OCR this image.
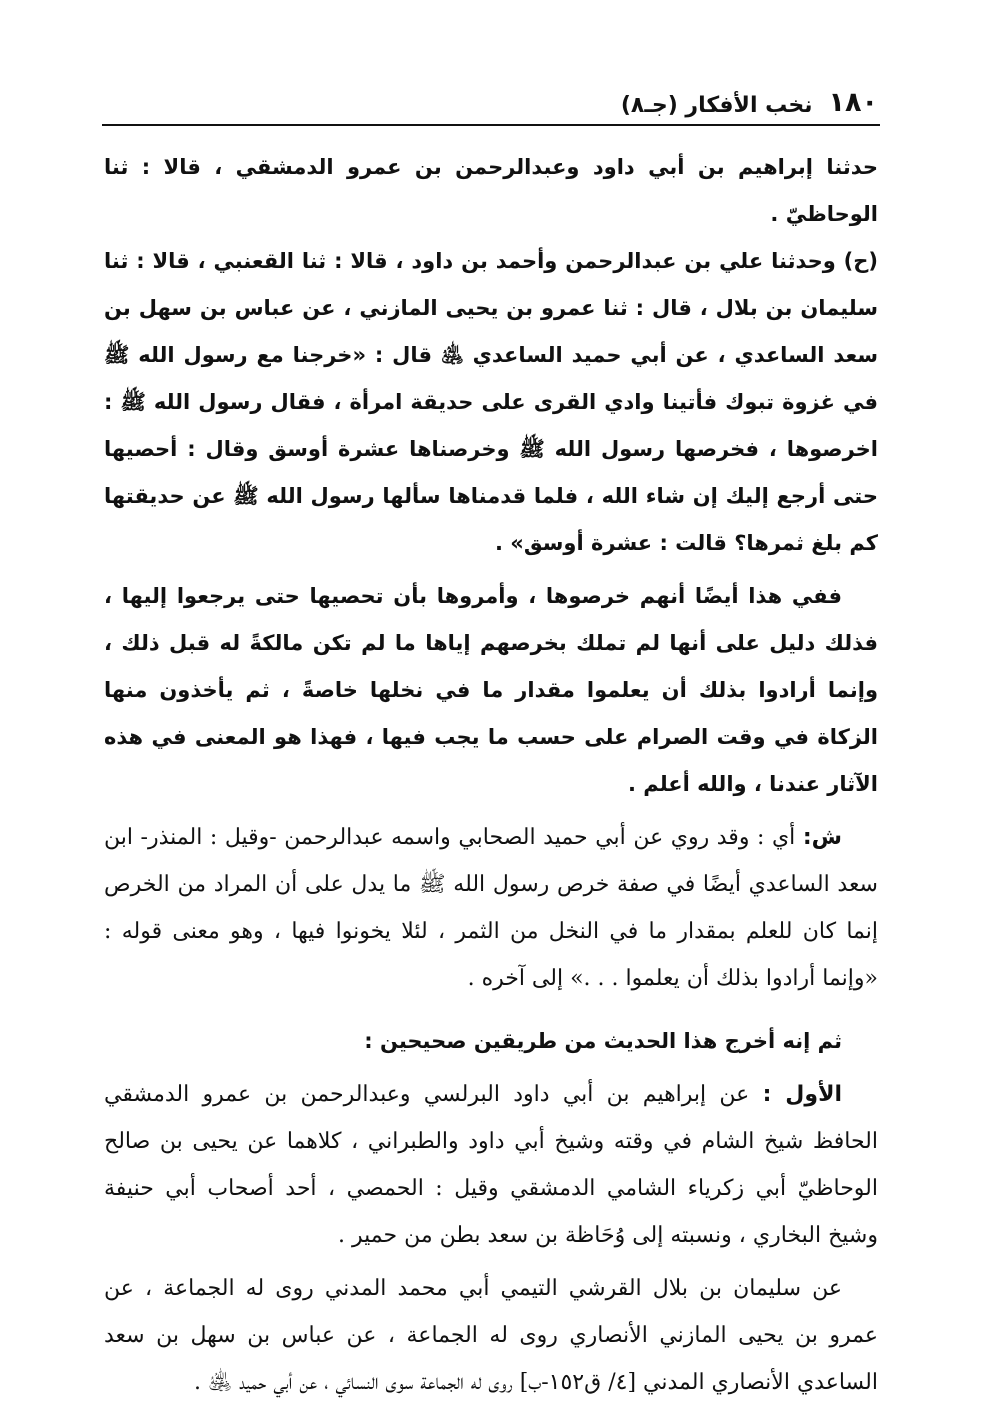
١٨٠
نخب الأفكار (جـ٨)

حدثنا إبراهيم بن أبي داود وعبدالرحمن بن عمرو الدمشقي ، قالا : ثنا الوحاظيّ .

(ح) وحدثنا علي بن عبدالرحمن وأحمد بن داود ، قالا : ثنا القعنبي ، قالا : ثنا سليمان بن بلال ، قال : ثنا عمرو بن يحيى المازني ، عن عباس بن سهل بن سعد الساعدي ، عن أبي حميد الساعدي ﵁ قال : «خرجنا مع رسول الله ﷺ في غزوة تبوك فأتينا وادي القرى على حديقة امرأة ، فقال رسول الله ﷺ : اخرصوها ، فخرصها رسول الله ﷺ وخرصناها عشرة أوسق وقال : أحصيها حتى أرجع إليك إن شاء الله ، فلما قدمناها سألها رسول الله ﷺ عن حديقتها كم بلغ ثمرها؟ قالت : عشرة أوسق» .

ففي هذا أيضًا أنهم خرصوها ، وأمروها بأن تحصيها حتى يرجعوا إليها ، فذلك دليل على أنها لم تملك بخرصهم إياها ما لم تكن مالكةً له قبل ذلك ، وإنما أرادوا بذلك أن يعلموا مقدار ما في نخلها خاصةً ، ثم يأخذون منها الزكاة في وقت الصرام على حسب ما يجب فيها ، فهذا هو المعنى في هذه الآثار عندنا ، والله أعلم .

ش: أي : وقد روي عن أبي حميد الصحابي واسمه عبدالرحمن -وقيل : المنذر- ابن سعد الساعدي أيضًا في صفة خرص رسول الله ﷺ ما يدل على أن المراد من الخرص إنما كان للعلم بمقدار ما في النخل من الثمر ، لئلا يخونوا فيها ، وهو معنى قوله : «وإنما أرادوا بذلك أن يعلموا . . .» إلى آخره .

ثم إنه أخرج هذا الحديث من طريقين صحيحين :

الأول : عن إبراهيم بن أبي داود البرلسي وعبدالرحمن بن عمرو الدمشقي الحافظ شيخ الشام في وقته وشيخ أبي داود والطبراني ، كلاهما عن يحيى بن صالح الوحاظيّ أبي زكرياء الشامي الدمشقي وقيل : الحمصي ، أحد أصحاب أبي حنيفة وشيخ البخاري ، ونسبته إلى وُحَاظة بن سعد بطن من حمير .

عن سليمان بن بلال القرشي التيمي أبي محمد المدني روى له الجماعة ، عن عمرو بن يحيى المازني الأنصاري روى له الجماعة ، عن عباس بن سهل بن سعد الساعدي الأنصاري المدني [٤/ ق١٥٢-ب] روى له الجماعة سوى النسائي ، عن أبي حميد ﵁ .
